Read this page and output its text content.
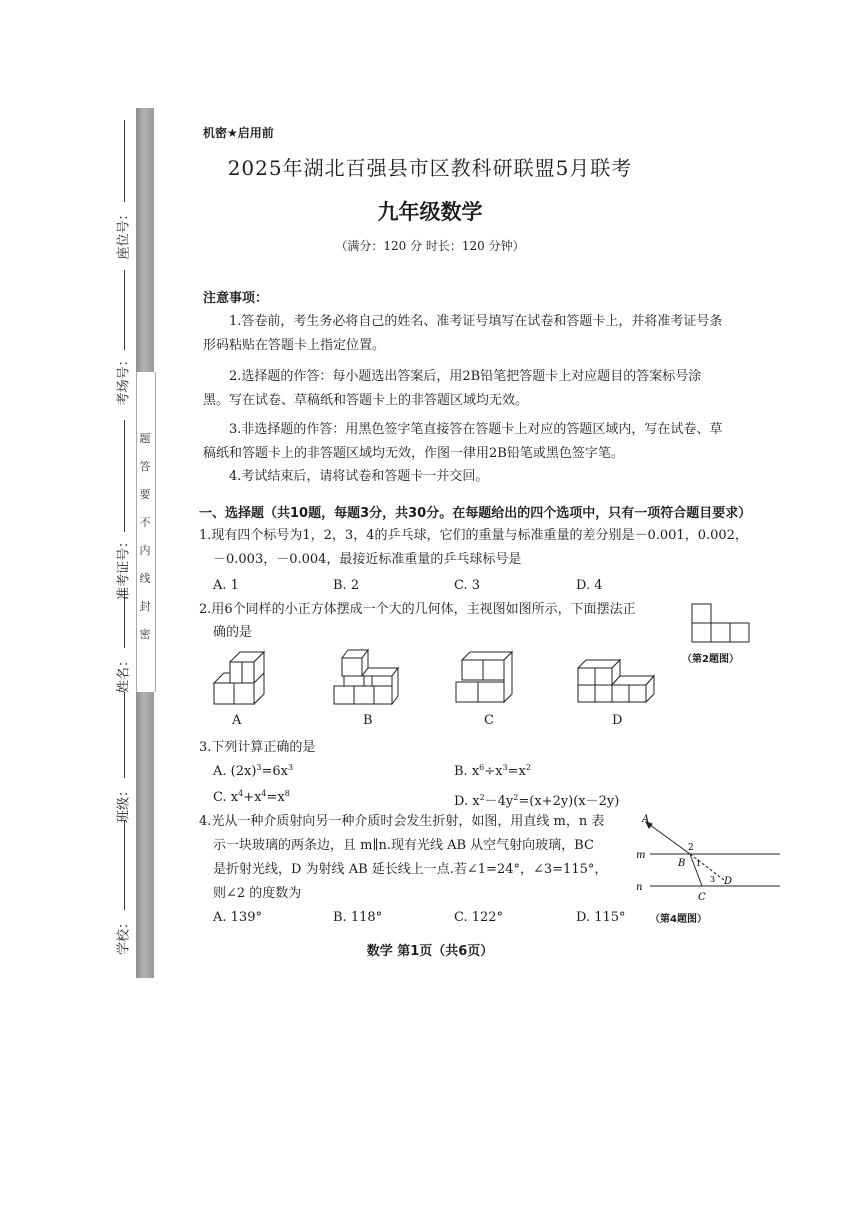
题
答
要
不
内
线
封
密
座位号：
考场号：
准考证号：
姓名：
班级：
学校：
机密★启用前
2025年湖北百强县市区教科研联盟5月联考
九年级数学
（满分：120 分 时长：120 分钟）
注意事项：
1.答卷前，考生务必将自己的姓名、准考证号填写在试卷和答题卡上，并将准考证号条
形码粘贴在答题卡上指定位置。
2.选择题的作答：每小题选出答案后，用2B铅笔把答题卡上对应题目的答案标号涂
黑。写在试卷、草稿纸和答题卡上的非答题区域均无效。
3.非选择题的作答：用黑色签字笔直接答在答题卡上对应的答题区域内，写在试卷、草
稿纸和答题卡上的非答题区域均无效，作图一律用2B铅笔或黑色签字笔。
4.考试结束后，请将试卷和答题卡一并交回。
一、选择题（共10题，每题3分，共30分。在每题给出的四个选项中，只有一项符合题目要求）
1.现有四个标号为1，2，3，4的乒乓球，它们的重量与标准重量的差分别是－0.001，0.002，
－0.003，－0.004，最接近标准重量的乒乓球标号是
A. 1	B. 2	C. 3	D. 4
2.用6个同样的小正方体摆成一个大的几何体，主视图如图所示，下面摆法正
确的是
（第2题图）
A	B	C	D
3.下列计算正确的是
A. $(2x)^3=6x^3$	B. $x^6\div x^3=x^2$
C. $x^4+x^4=x^8$
D. $x^2-4y^2=(x+2y)(x-2y)$
4.光从一种介质射向另一种介质时会发生折射，如图，用直线 m，n 表
示一块玻璃的两条边，且 m∥n.现有光线 AB 从空气射向玻璃，BC
是折射光线，D 为射线 AB 延长线上一点.若∠1=24°，∠3=115°，
则∠2 的度数为
A. 139°	B. 118°	C. 122°	D. 115°
A
m
n
2
B 1
3 D
C
（第4题图）
数学 第1页（共6页）
